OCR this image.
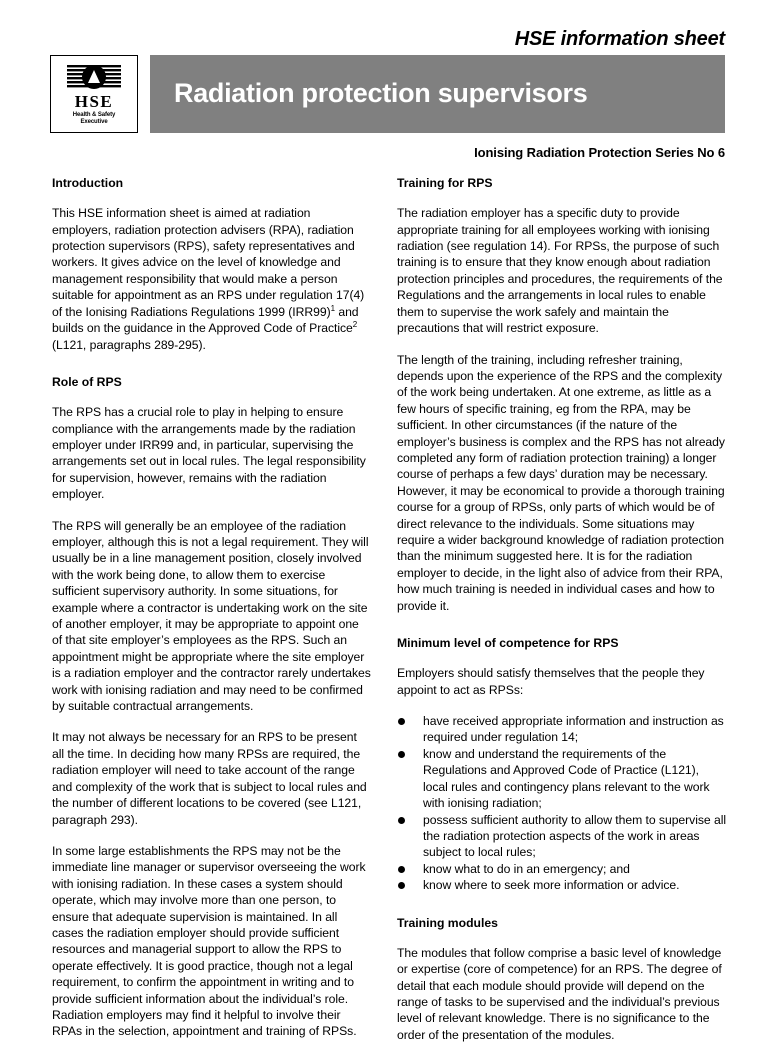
HSE information sheet
HSE
Health & Safety
Executive
Radiation protection supervisors
Ionising Radiation Protection Series No 6
Introduction

This HSE information sheet is aimed at radiation employers, radiation protection advisers (RPA), radiation protection supervisors (RPS), safety representatives and workers. It gives advice on the level of knowledge and management responsibility that would make a person suitable for appointment as an RPS under regulation 17(4) of the Ionising Radiations Regulations 1999 $(IRR99)^1$ and builds on the guidance in the Approved Code of Practice$^2$ (L121, paragraphs 289-295).

Role of RPS

The RPS has a crucial role to play in helping to ensure compliance with the arrangements made by the radiation employer under IRR99 and, in particular, supervising the arrangements set out in local rules. The legal responsibility for supervision, however, remains with the radiation employer.

The RPS will generally be an employee of the radiation employer, although this is not a legal requirement. They will usually be in a line management position, closely involved with the work being done, to allow them to exercise sufficient supervisory authority. In some situations, for example where a contractor is undertaking work on the site of another employer, it may be appropriate to appoint one of that site employer’s employees as the RPS. Such an appointment might be appropriate where the site employer is a radiation employer and the contractor rarely undertakes work with ionising radiation and may need to be confirmed by suitable contractual arrangements.

It may not always be necessary for an RPS to be present all the time. In deciding how many RPSs are required, the radiation employer will need to take account of the range and complexity of the work that is subject to local rules and the number of different locations to be covered (see L121, paragraph 293).

In some large establishments the RPS may not be the immediate line manager or supervisor overseeing the work with ionising radiation. In these cases a system should operate, which may involve more than one person, to ensure that adequate supervision is maintained. In all cases the radiation employer should provide sufficient resources and managerial support to allow the RPS to operate effectively. It is good practice, though not a legal requirement, to confirm the appointment in writing and to provide sufficient information about the individual’s role. Radiation employers may find it helpful to involve their RPAs in the selection, appointment and training of RPSs.

Training for RPS

The radiation employer has a specific duty to provide appropriate training for all employees working with ionising radiation (see regulation 14). For RPSs, the purpose of such training is to ensure that they know enough about radiation protection principles and procedures, the requirements of the Regulations and the arrangements in local rules to enable them to supervise the work safely and maintain the precautions that will restrict exposure.

The length of the training, including refresher training, depends upon the experience of the RPS and the complexity of the work being undertaken. At one extreme, as little as a few hours of specific training, eg from the RPA, may be sufficient. In other circumstances (if the nature of the employer’s business is complex and the RPS has not already completed any form of radiation protection training) a longer course of perhaps a few days’ duration may be necessary. However, it may be economical to provide a thorough training course for a group of RPSs, only parts of which would be of direct relevance to the individuals. Some situations may require a wider background knowledge of radiation protection than the minimum suggested here. It is for the radiation employer to decide, in the light also of advice from their RPA, how much training is needed in individual cases and how to provide it.

Minimum level of competence for RPS

Employers should satisfy themselves that the people they appoint to act as RPSs:

have received appropriate information and instruction as required under regulation 14;
know and understand the requirements of the Regulations and Approved Code of Practice (L121), local rules and contingency plans relevant to the work with ionising radiation;
possess sufficient authority to allow them to supervise all the radiation protection aspects of the work in areas subject to local rules;
know what to do in an emergency; and
know where to seek more information or advice.
Training modules

The modules that follow comprise a basic level of knowledge or expertise (core of competence) for an RPS. The degree of detail that each module should provide will depend on the range of tasks to be supervised and the individual’s previous level of relevant knowledge. There is no significance to the order of the presentation of the modules.
